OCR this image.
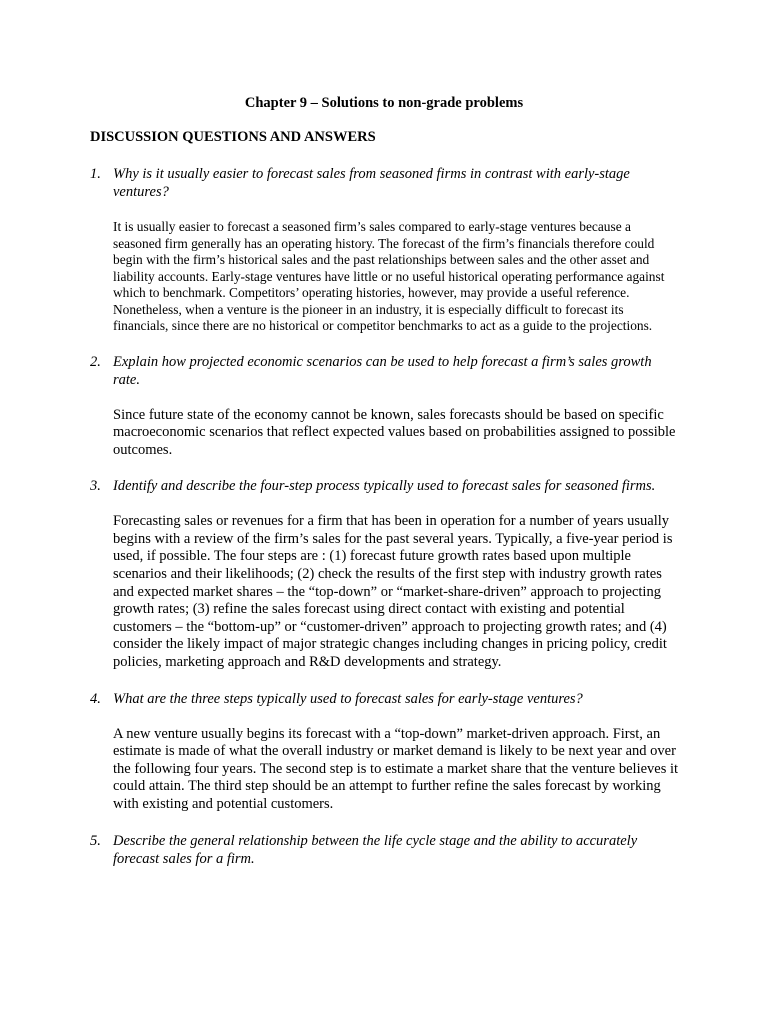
Chapter 9 – Solutions to non-grade problems

DISCUSSION QUESTIONS AND ANSWERS

1. Why is it usually easier to forecast sales from seasoned firms in contrast with early-stage ventures?

It is usually easier to forecast a seasoned firm’s sales compared to early-stage ventures because a seasoned firm generally has an operating history. The forecast of the firm’s financials therefore could begin with the firm’s historical sales and the past relationships between sales and the other asset and liability accounts. Early-stage ventures have little or no useful historical operating performance against which to benchmark. Competitors’ operating histories, however, may provide a useful reference. Nonetheless, when a venture is the pioneer in an industry, it is especially difficult to forecast its financials, since there are no historical or competitor benchmarks to act as a guide to the projections.

2. Explain how projected economic scenarios can be used to help forecast a firm’s sales growth rate.

Since future state of the economy cannot be known, sales forecasts should be based on specific macroeconomic scenarios that reflect expected values based on probabilities assigned to possible outcomes.

3. Identify and describe the four-step process typically used to forecast sales for seasoned firms.

Forecasting sales or revenues for a firm that has been in operation for a number of years usually begins with a review of the firm’s sales for the past several years. Typically, a five-year period is used, if possible. The four steps are : (1) forecast future growth rates based upon multiple scenarios and their likelihoods; (2) check the results of the first step with industry growth rates and expected market shares – the “top-down” or “market-share-driven” approach to projecting growth rates; (3) refine the sales forecast using direct contact with existing and potential customers – the “bottom-up” or “customer-driven” approach to projecting growth rates; and (4) consider the likely impact of major strategic changes including changes in pricing policy, credit policies, marketing approach and R&D developments and strategy.

4. What are the three steps typically used to forecast sales for early-stage ventures?

A new venture usually begins its forecast with a “top-down” market-driven approach. First, an estimate is made of what the overall industry or market demand is likely to be next year and over the following four years. The second step is to estimate a market share that the venture believes it could attain. The third step should be an attempt to further refine the sales forecast by working with existing and potential customers.

5. Describe the general relationship between the life cycle stage and the ability to accurately forecast sales for a firm.
